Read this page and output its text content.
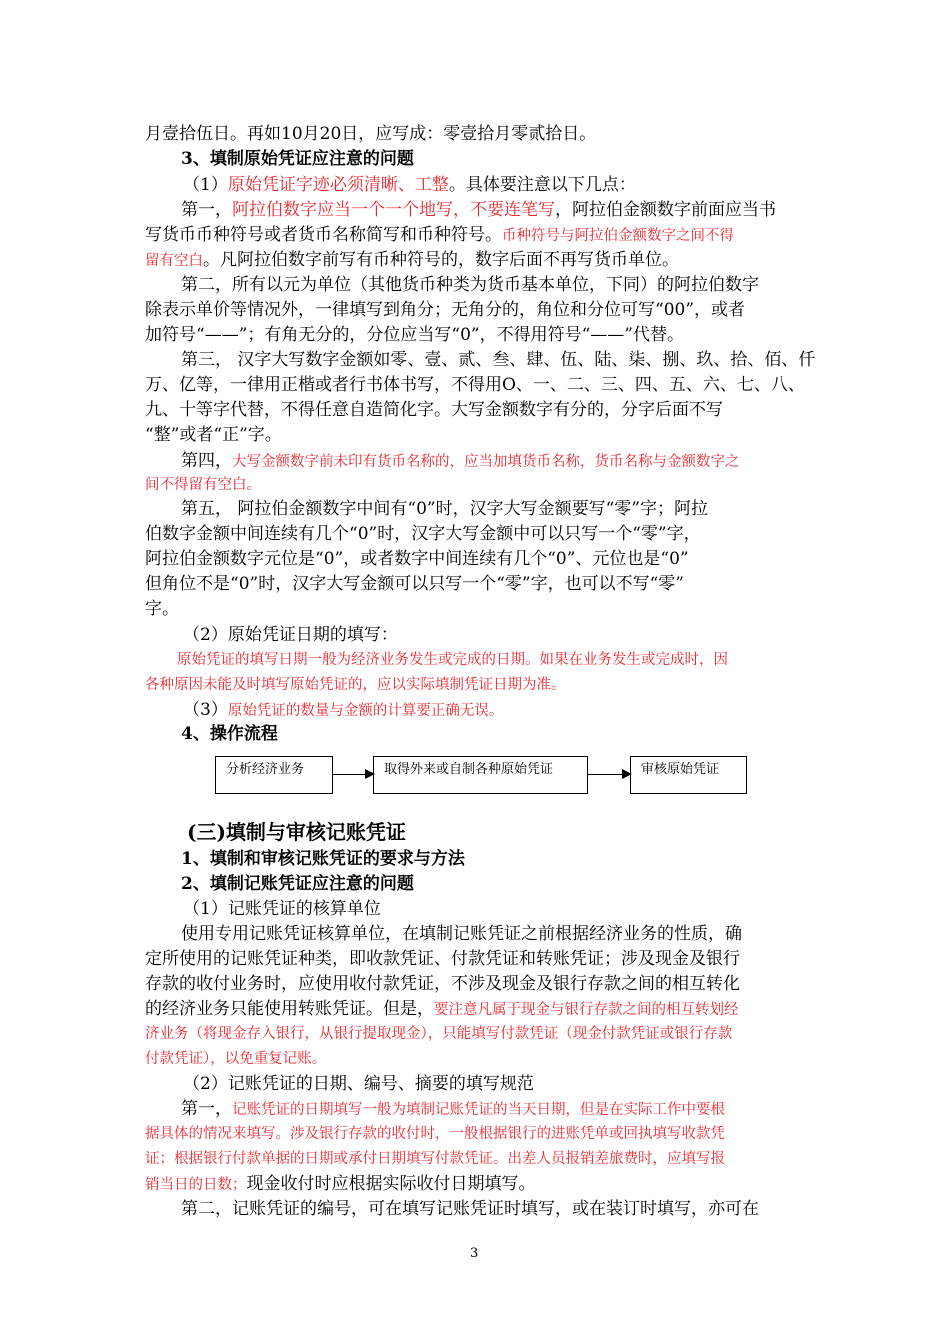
月壹拾伍日。再如10月20日，应写成：零壹拾月零贰拾日。
3、填制原始凭证应注意的问题
（1）原始凭证字迹必须清晰、工整。具体要注意以下几点：
第一，阿拉伯数字应当一个一个地写，不要连笔写，阿拉伯金额数字前面应当书
写货币币种符号或者货币名称简写和币种符号。币种符号与阿拉伯金额数字之间不得
留有空白。凡阿拉伯数字前写有币种符号的，数字后面不再写货币单位。
第二，所有以元为单位（其他货币种类为货币基本单位，下同）的阿拉伯数字
除表示单价等情况外，一律填写到角分；无角分的，角位和分位可写“00”，或者
加符号“——”；有角无分的，分位应当写“0”，不得用符号“——”代替。
第三， 汉字大写数字金额如零、壹、贰、叁、肆、伍、陆、柒、捌、玖、拾、佰、仟
万、亿等，一律用正楷或者行书体书写，不得用O、一、二、三、四、五、六、七、八、
九、十等字代替，不得任意自造简化字。大写金额数字有分的，分字后面不写
“整”或者“正”字。
第四，大写金额数字前未印有货币名称的，应当加填货币名称，货币名称与金额数字之
间不得留有空白。
第五， 阿拉伯金额数字中间有“0”时，汉字大写金额要写“零”字；阿拉
伯数字金额中间连续有几个“0”时，汉字大写金额中可以只写一个“零”字，
阿拉伯金额数字元位是“0”，或者数字中间连续有几个“0”、元位也是“0”
但角位不是“0”时，汉字大写金额可以只写一个“零”字，也可以不写“零”
字。
（2）原始凭证日期的填写：
原始凭证的填写日期一般为经济业务发生或完成的日期。如果在业务发生或完成时，因
各种原因未能及时填写原始凭证的，应以实际填制凭证日期为准。
（3）原始凭证的数量与金额的计算要正确无误。
4、操作流程
分析经济业务	取得外来或自制各种原始凭证	审核原始凭证
(三)填制与审核记账凭证
1、填制和审核记账凭证的要求与方法
2、填制记账凭证应注意的问题
（1）记账凭证的核算单位
使用专用记账凭证核算单位，在填制记账凭证之前根据经济业务的性质，确
定所使用的记账凭证种类，即收款凭证、付款凭证和转账凭证；涉及现金及银行
存款的收付业务时，应使用收付款凭证，不涉及现金及银行存款之间的相互转化
的经济业务只能使用转账凭证。但是，要注意凡属于现金与银行存款之间的相互转划经
济业务（将现金存入银行，从银行提取现金），只能填写付款凭证（现金付款凭证或银行存款
付款凭证），以免重复记账。
（2）记账凭证的日期、编号、摘要的填写规范
第一，记账凭证的日期填写一般为填制记账凭证的当天日期，但是在实际工作中要根
据具体的情况来填写。涉及银行存款的收付时，一般根据银行的进账凭单或回执填写收款凭
证；根据银行付款单据的日期或承付日期填写付款凭证。出差人员报销差旅费时，应填写报
销当日的日数；现金收付时应根据实际收付日期填写。
第二，记账凭证的编号，可在填写记账凭证时填写，或在装订时填写，亦可在
3
